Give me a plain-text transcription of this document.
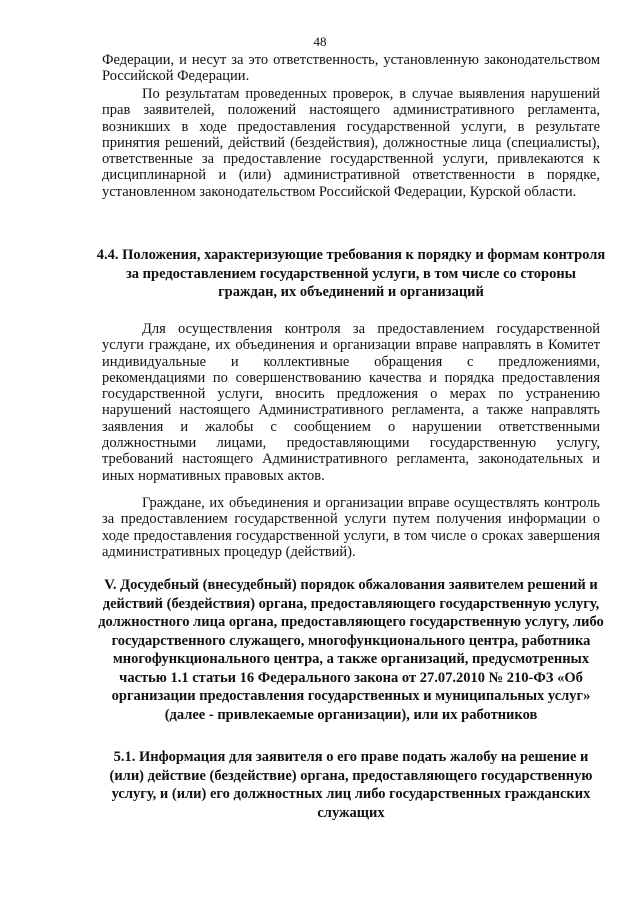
48

Федерации, и несут за это ответственность, установленную законодательством Российской Федерации.

По результатам проведенных проверок, в случае выявления нарушений прав заявителей, положений настоящего административного регламента, возникших в ходе предоставления государственной услуги, в результате принятия решений, действий (бездействия), должностные лица (специалисты), ответственные за предоставление государственной услуги, привлекаются к дисциплинарной и (или) административной ответственности в порядке, установленном законодательством Российской Федерации, Курской области.

4.4. Положения, характеризующие требования к порядку и формам контроля за предоставлением государственной услуги, в том числе со стороны граждан, их объединений и организаций

Для осуществления контроля за предоставлением государственной услуги граждане, их объединения и организации вправе направлять в Комитет индивидуальные и коллективные обращения с предложениями, рекомендациями по совершенствованию качества и порядка предоставления государственной услуги, вносить предложения о мерах по устранению нарушений настоящего Административного регламента, а также направлять заявления и жалобы с сообщением о нарушении ответственными должностными лицами, предоставляющими государственную услугу, требований настоящего Административного регламента, законодательных и иных нормативных правовых актов.

Граждане, их объединения и организации вправе осуществлять контроль за предоставлением государственной услуги путем получения информации о ходе предоставления государственной услуги, в том числе о сроках завершения административных процедур (действий).

V. Досудебный (внесудебный) порядок обжалования заявителем решений и действий (бездействия) органа, предоставляющего государственную услугу, должностного лица органа, предоставляющего государственную услугу, либо государственного служащего, многофункционального центра, работника многофункционального центра, а также организаций, предусмотренных частью 1.1 статьи 16 Федерального закона от 27.07.2010 № 210-ФЗ «Об организации предоставления государственных и муниципальных услуг» (далее - привлекаемые организации), или их работников
5.1. Информация для заявителя о его праве подать жалобу на решение и (или) действие (бездействие) органа, предоставляющего государственную услугу, и (или) его должностных лиц либо государственных гражданских служащих
